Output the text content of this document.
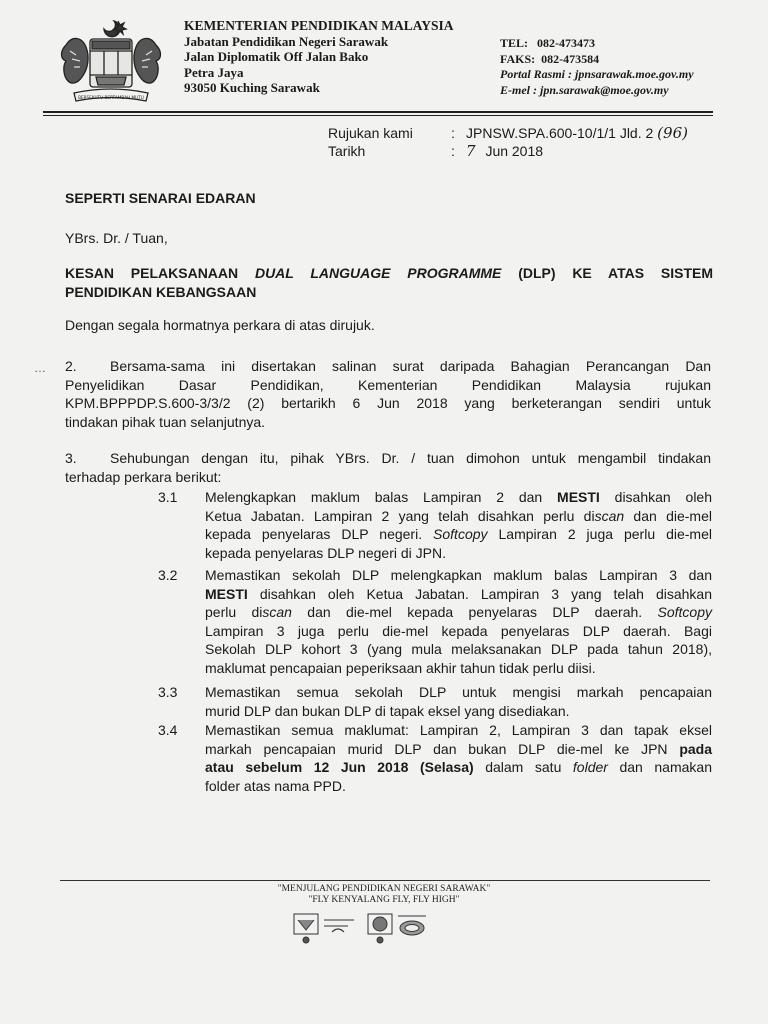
BERSEKUTU BERTAMBAH MUTU
KEMENTERIAN PENDIDIKAN MALAYSIA
Jabatan Pendidikan Negeri Sarawak
Jalan Diplomatik Off Jalan Bako
Petra Jaya
93050 Kuching Sarawak
TEL:   082-473473
FAKS:  082-473584
Portal Rasmi : jpnsarawak.moe.gov.my
E-mel : jpn.sarawak@moe.gov.my
Rujukan kami
Tarikh
:
:
JPNSW.SPA.600-10/1/1 Jld. 2 (96)
7 Jun 2018
SEPERTI SENARAI EDARAN
YBrs. Dr. / Tuan,
KESAN PELAKSANAAN DUAL LANGUAGE PROGRAMME (DLP) KE ATAS SISTEM
PENDIDIKAN KEBANGSAAN
Dengan segala hormatnya perkara di atas dirujuk.
… 2.	Bersama-sama ini disertakan salinan surat daripada Bahagian Perancangan Dan
Penyelidikan Dasar Pendidikan, Kementerian Pendidikan Malaysia rujukan
KPM.BPPPDP.S.600-3/3/2 (2) bertarikh 6 Jun 2018 yang berketerangan sendiri untuk
tindakan pihak tuan selanjutnya.
3.	Sehubungan dengan itu, pihak YBrs. Dr. / tuan dimohon untuk mengambil tindakan
terhadap perkara berikut:
3.1 Melengkapkan maklum balas Lampiran 2 dan MESTI disahkan oleh
Ketua Jabatan. Lampiran 2 yang telah disahkan perlu discan dan die-mel
kepada penyelaras DLP negeri. Softcopy Lampiran 2 juga perlu die-mel
kepada penyelaras DLP negeri di JPN.
3.2 Memastikan sekolah DLP melengkapkan maklum balas Lampiran 3 dan
MESTI disahkan oleh Ketua Jabatan. Lampiran 3 yang telah disahkan
perlu discan dan die-mel kepada penyelaras DLP daerah. Softcopy
Lampiran 3 juga perlu die-mel kepada penyelaras DLP daerah. Bagi
Sekolah DLP kohort 3 (yang mula melaksanakan DLP pada tahun 2018),
maklumat pencapaian peperiksaan akhir tahun tidak perlu diisi.
3.3 Memastikan semua sekolah DLP untuk mengisi markah pencapaian
murid DLP dan bukan DLP di tapak eksel yang disediakan.
3.4 Memastikan semua maklumat: Lampiran 2, Lampiran 3 dan tapak eksel
markah pencapaian murid DLP dan bukan DLP die-mel ke JPN pada
atau sebelum 12 Jun 2018 (Selasa) dalam satu folder dan namakan
folder atas nama PPD.
"MENJULANG PENDIDIKAN NEGERI SARAWAK"
"FLY KENYALANG FLY, FLY HIGH"
